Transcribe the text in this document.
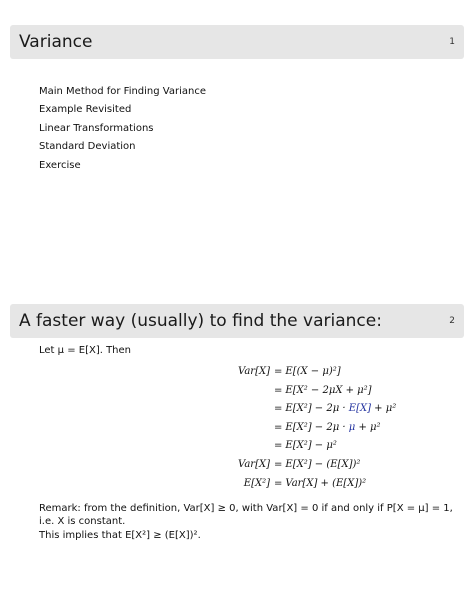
Variance	1
Main Method for Finding Variance
Example Revisited
Linear Transformations
Standard Deviation
Exercise
A faster way (usually) to find the variance:	2
Let μ = E[X]. Then
Var[X] = E[(X − μ)²]
= E[X² − 2μX + μ²]
= E[X²] − 2μ · E[X] + μ²
= E[X²] − 2μ · μ + μ²
= E[X²] − μ²
Var[X] = E[X²] − (E[X])²
E[X²] = Var[X] + (E[X])²
Remark: from the definition, Var[X] ≥ 0, with Var[X] = 0 if and only if P[X = μ] = 1,
i.e. X is constant.
This implies that E[X²] ≥ (E[X])².
